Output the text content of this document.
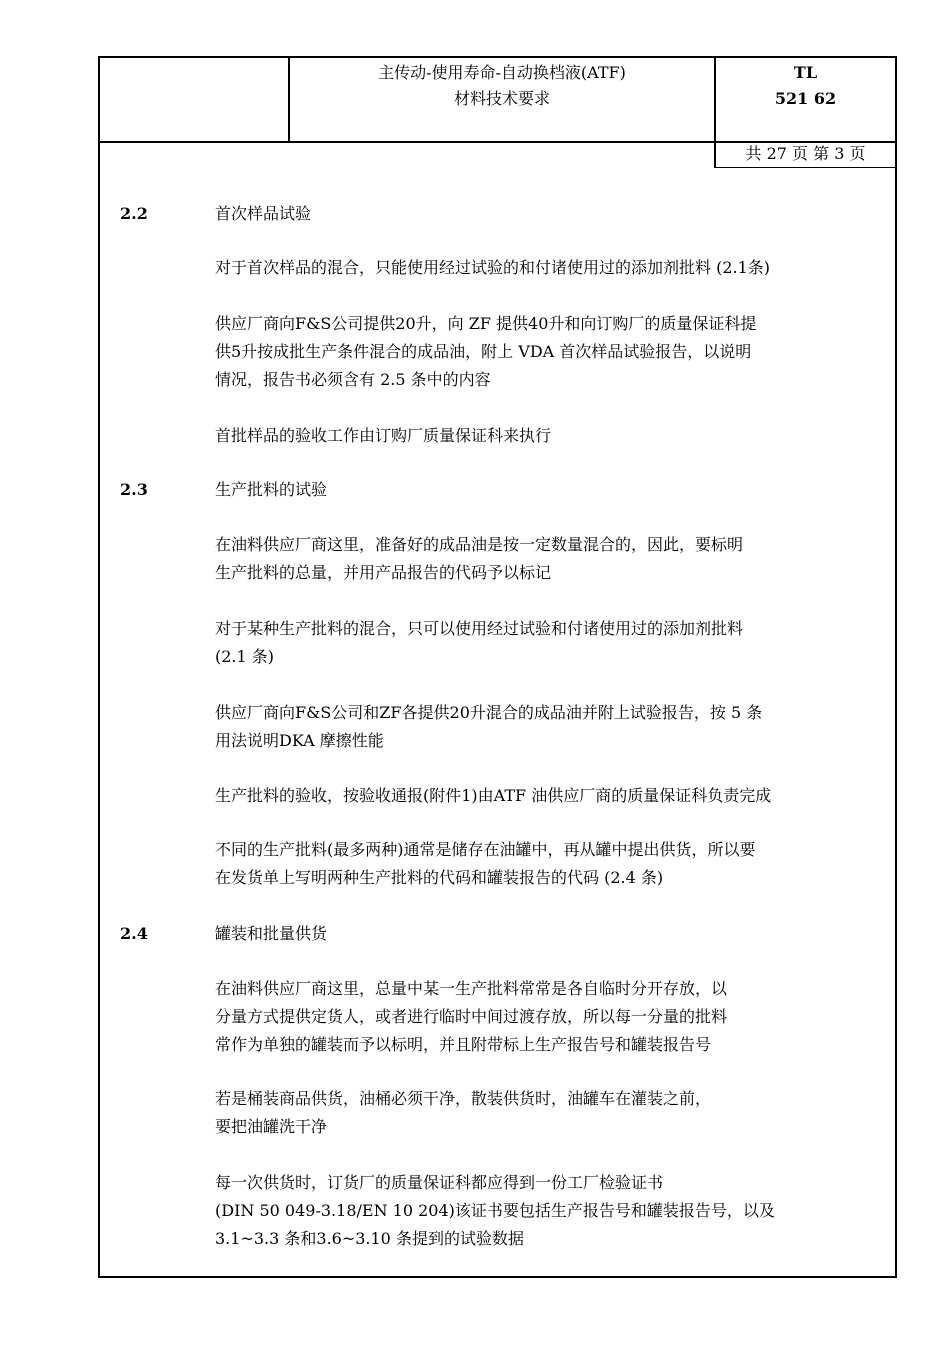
主传动-使用寿命-自动换档液(ATF)
材料技术要求
TL
521 62
共 27 页 第 3 页
2.2	首次样品试验
对于首次样品的混合，只能使用经过试验的和付诸使用过的添加剂批料 (2.1条)
供应厂商向F&S公司提供20升，向 ZF 提供40升和向订购厂的质量保证科提
供5升按成批生产条件混合的成品油，附上 VDA 首次样品试验报告，以说明
情况，报告书必须含有 2.5 条中的内容
首批样品的验收工作由订购厂质量保证科来执行
2.3	生产批料的试验
在油料供应厂商这里，准备好的成品油是按一定数量混合的，因此，要标明
生产批料的总量，并用产品报告的代码予以标记
对于某种生产批料的混合，只可以使用经过试验和付诸使用过的添加剂批料
(2.1 条)
供应厂商向F&S公司和ZF各提供20升混合的成品油并附上试验报告，按 5 条
用法说明DKA 摩擦性能
生产批料的验收，按验收通报(附件1)由ATF 油供应厂商的质量保证科负责完成
不同的生产批料(最多两种)通常是储存在油罐中，再从罐中提出供货，所以要
在发货单上写明两种生产批料的代码和罐装报告的代码 (2.4 条)
2.4	罐装和批量供货
在油料供应厂商这里，总量中某一生产批料常常是各自临时分开存放，以
分量方式提供定货人，或者进行临时中间过渡存放，所以每一分量的批料
常作为单独的罐装而予以标明，并且附带标上生产报告号和罐装报告号
若是桶装商品供货，油桶必须干净，散装供货时，油罐车在灌装之前，
要把油罐洗干净
每一次供货时，订货厂的质量保证科都应得到一份工厂检验证书
(DIN 50 049-3.18/EN 10 204)该证书要包括生产报告号和罐装报告号，以及
3.1~3.3 条和3.6~3.10 条提到的试验数据
